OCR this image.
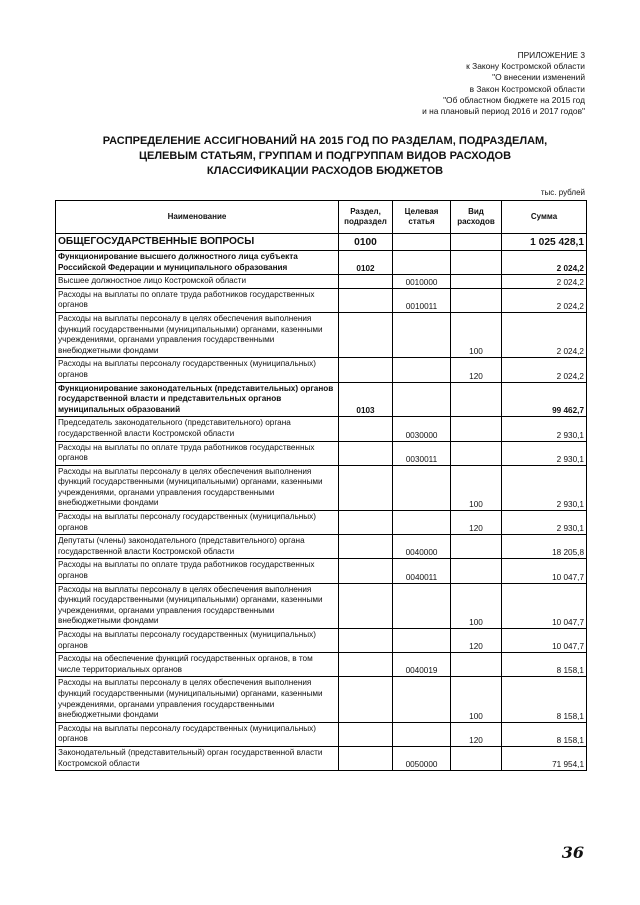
ПРИЛОЖЕНИЕ 3
к Закону Костромской области
"О внесении изменений
в Закон Костромской области
"Об областном бюджете на 2015 год
и на плановый период 2016 и 2017 годов"
РАСПРЕДЕЛЕНИЕ АССИГНОВАНИЙ НА 2015 ГОД ПО РАЗДЕЛАМ, ПОДРАЗДЕЛАМ,
ЦЕЛЕВЫМ СТАТЬЯМ, ГРУППАМ И ПОДГРУППАМ ВИДОВ РАСХОДОВ
КЛАССИФИКАЦИИ РАСХОДОВ БЮДЖЕТОВ
тыс. рублей
Наименование	Раздел, подраздел	Целевая статья	Вид расходов	Сумма
ОБЩЕГОСУДАРСТВЕННЫЕ ВОПРОСЫ	0100			1 025 428,1
Функционирование высшего должностного лица субъекта Российской Федерации и муниципального образования	0102			2 024,2
Высшее должностное лицо Костромской области		0010000		2 024,2
Расходы на выплаты по оплате труда работников государственных органов		0010011		2 024,2
Расходы на выплаты персоналу в целях обеспечения выполнения функций государственными (муниципальными) органами, казенными учреждениями, органами управления государственными внебюджетными фондами			100	2 024,2
Расходы на выплаты персоналу государственных (муниципальных) органов			120	2 024,2
Функционирование законодательных (представительных) органов государственной власти и представительных органов муниципальных образований	0103			99 462,7
Председатель законодательного (представительного) органа государственной власти Костромской области		0030000		2 930,1
Расходы на выплаты по оплате труда работников государственных органов		0030011		2 930,1
Расходы на выплаты персоналу в целях обеспечения выполнения функций государственными (муниципальными) органами, казенными учреждениями, органами управления государственными внебюджетными фондами			100	2 930,1
Расходы на выплаты персоналу государственных (муниципальных) органов			120	2 930,1
Депутаты (члены) законодательного (представительного) органа государственной власти Костромской области		0040000		18 205,8
Расходы на выплаты по оплате труда работников государственных органов		0040011		10 047,7
Расходы на выплаты персоналу в целях обеспечения выполнения функций государственными (муниципальными) органами, казенными учреждениями, органами управления государственными внебюджетными фондами			100	10 047,7
Расходы на выплаты персоналу государственных (муниципальных) органов			120	10 047,7
Расходы на обеспечение функций государственных органов, в том числе территориальных органов		0040019		8 158,1
Расходы на выплаты персоналу в целях обеспечения выполнения функций государственными (муниципальными) органами, казенными учреждениями, органами управления государственными внебюджетными фондами			100	8 158,1
Расходы на выплаты персоналу государственных (муниципальных) органов			120	8 158,1
Законодательный (представительный) орган государственной власти Костромской области		0050000		71 954,1
36
